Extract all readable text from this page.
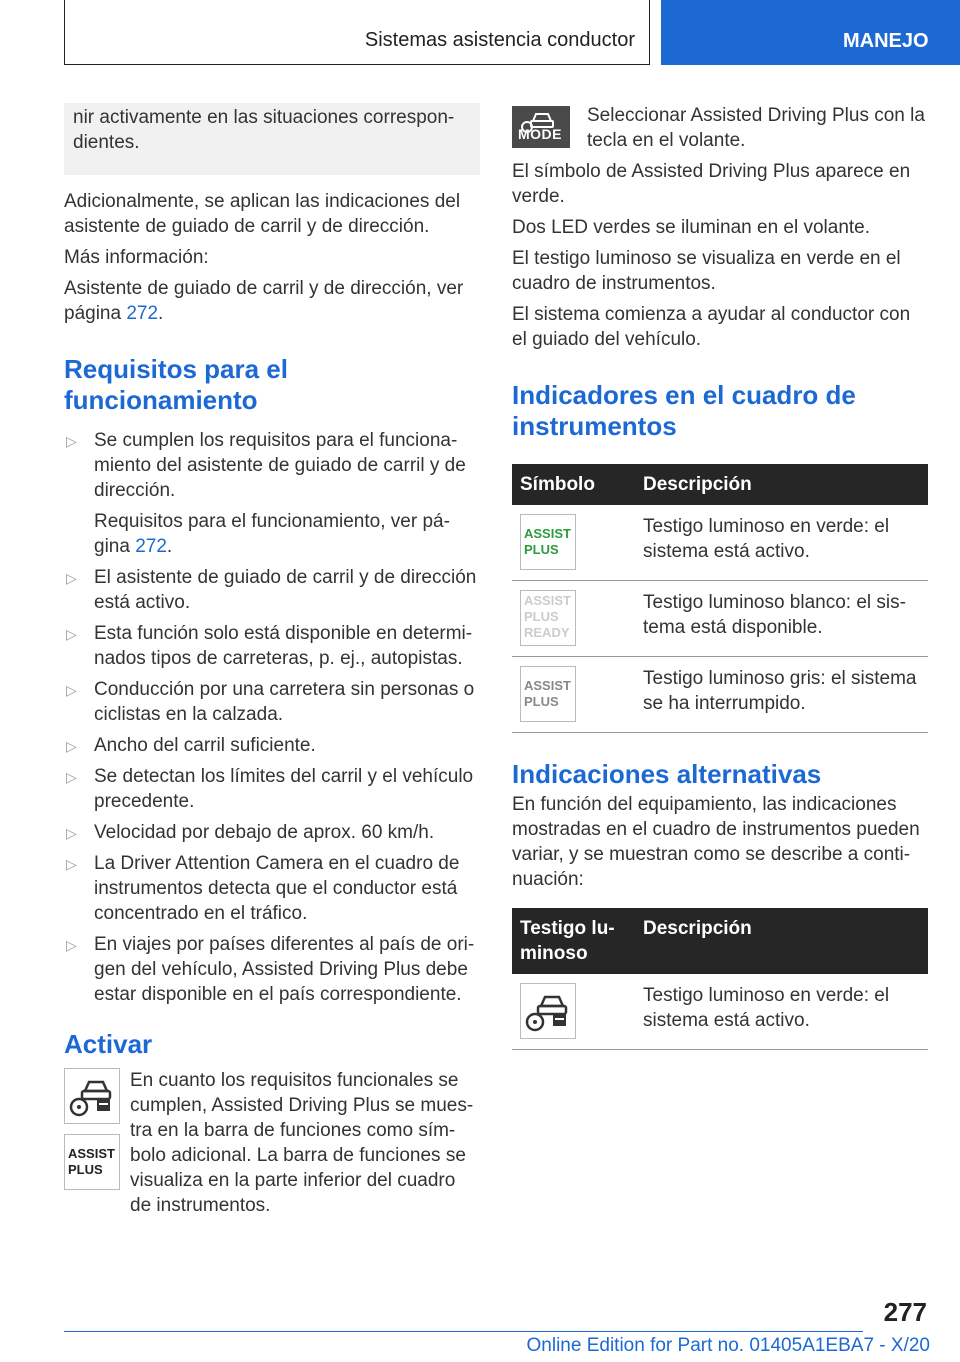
Sistemas asistencia conductor	MANEJO
nir activamente en las situaciones correspon-dientes.

Adicionalmente, se aplican las indicaciones del asistente de guiado de carril y de dirección.

Más información:

Asistente de guiado de carril y de dirección, ver página 272.

Requisitos para el funcionamiento
▷ Se cumplen los requisitos para el funciona-miento del asistente de guiado de carril y de dirección.
Requisitos para el funcionamiento, ver pá-gina 272.
▷ El asistente de guiado de carril y de dirección está activo.
▷ Esta función solo está disponible en determi-nados tipos de carreteras, p. ej., autopistas.
▷ Conducción por una carretera sin personas o ciclistas en la calzada.
▷ Ancho del carril suficiente.
▷ Se detectan los límites del carril y el vehículo precedente.
▷ Velocidad por debajo de aprox. 60 km/h.
▷ La Driver Attention Camera en el cuadro de instrumentos detecta que el conductor está concentrado en el tráfico.
▷ En viajes por países diferentes al país de ori-gen del vehículo, Assisted Driving Plus debe estar disponible en el país correspondiente.
Activar
ASSIST PLUS
En cuanto los requisitos funcionales se cumplen, Assisted Driving Plus se mues-tra en la barra de funciones como sím-bolo adicional. La barra de funciones se visualiza en la parte inferior del cuadro de instrumentos.
MODE
Seleccionar Assisted Driving Plus con la tecla en el volante.

El símbolo de Assisted Driving Plus aparece en verde.

Dos LED verdes se iluminan en el volante.

El testigo luminoso se visualiza en verde en el cuadro de instrumentos.

El sistema comienza a ayudar al conductor con el guiado del vehículo.

Indicadores en el cuadro de instrumentos
Símbolo	Descripción

ASSIST PLUS	Testigo luminoso en verde: el sistema está activo.

ASSIST PLUS READY	Testigo luminoso blanco: el sis-tema está disponible.

ASSIST PLUS	Testigo luminoso gris: el sistema se ha interrumpido.
Indicaciones alternativas

En función del equipamiento, las indicaciones mostradas en el cuadro de instrumentos pueden variar, y se muestran como se describe a conti-nuación:

Testigo lu-minoso	Descripción

	Testigo luminoso en verde: el sistema está activo.
277
Online Edition for Part no. 01405A1EBA7 - X/20
